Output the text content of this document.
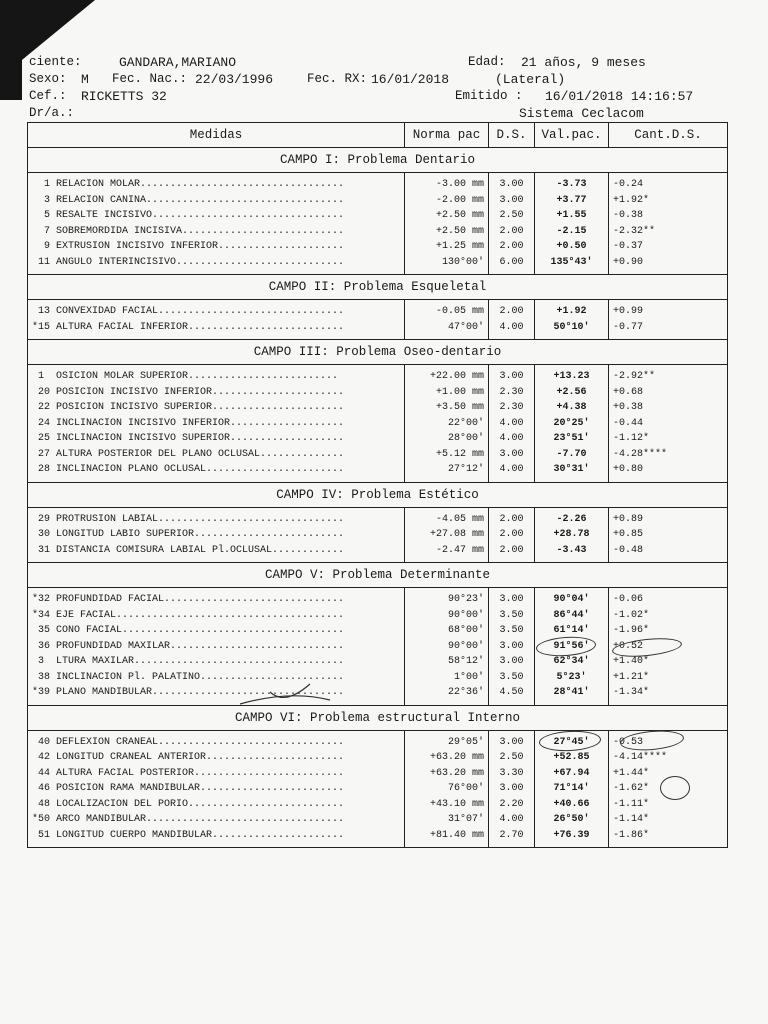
ciente:	GANDARA,MARIANO	Edad: 21 años, 9 meses
Sexo: M Fec. Nac.: 22/03/1996	Fec. RX: 16/01/2018	(Lateral)
Cef.: RICKETTS 32	Emitido : 16/01/2018 14:16:57
Dr/a.:	Sistema Ceclacom
Medidas	Norma pac	D.S.	Val.pac.	Cant.D.S.
CAMPO I: Problema Dentario				
1 RELACION MOLAR..................................	-3.00 mm	3.00	-3.73	-0.24
3 RELACION CANINA.................................	-2.00 mm	3.00	+3.77	+1.92*
5 RESALTE INCISIVO................................	+2.50 mm	2.50	+1.55	-0.38
7 SOBREMORDIDA INCISIVA...........................	+2.50 mm	2.00	-2.15	-2.32**
9 EXTRUSION INCISIVO INFERIOR.....................	+1.25 mm	2.00	+0.50	-0.37
11 ANGULO INTERINCISIVO............................	130°00'	6.00	135°43'	+0.90
CAMPO II: Problema Esqueletal				
13 CONVEXIDAD FACIAL...............................	-0.05 mm	2.00	+1.92	+0.99
*15 ALTURA FACIAL INFERIOR..........................	47°00'	4.00	50°10'	-0.77
CAMPO III: Problema Oseo-dentario				
1  OSICION MOLAR SUPERIOR.........................	+22.00 mm	3.00	+13.23	-2.92**
20 POSICION INCISIVO INFERIOR......................	+1.00 mm	2.30	+2.56	+0.68
22 POSICION INCISIVO SUPERIOR......................	+3.50 mm	2.30	+4.38	+0.38
24 INCLINACION INCISIVO INFERIOR...................	22°00'	4.00	20°25'	-0.44
25 INCLINACION INCISIVO SUPERIOR...................	28°00'	4.00	23°51'	-1.12*
27 ALTURA POSTERIOR DEL PLANO OCLUSAL..............	+5.12 mm	3.00	-7.70	-4.28****
28 INCLINACION PLANO OCLUSAL.......................	27°12'	4.00	30°31'	+0.80
CAMPO IV: Problema Estético				
29 PROTRUSION LABIAL...............................	-4.05 mm	2.00	-2.26	+0.89
30 LONGITUD LABIO SUPERIOR.........................	+27.08 mm	2.00	+28.78	+0.85
31 DISTANCIA COMISURA LABIAL Pl.OCLUSAL............	-2.47 mm	2.00	-3.43	-0.48
CAMPO V: Problema Determinante				
*32 PROFUNDIDAD FACIAL..............................	90°23'	3.00	90°04'	-0.06
*34 EJE FACIAL......................................	90°00'	3.50	86°44'	-1.02*
35 CONO FACIAL.....................................	68°00'	3.50	61°14'	-1.96*
36 PROFUNDIDAD MAXILAR.............................	90°00'	3.00	91°56'	+0.52
3  LTURA MAXILAR...................................	58°12'	3.00	62°34'	+1.40*
38 INCLINACION Pl. PALATINO........................	1°00'	3.50	5°23'	+1.21*
*39 PLANO MANDIBULAR................................	22°36'	4.50	28°41'	-1.34*
CAMPO VI: Problema estructural Interno				
40 DEFLEXION CRANEAL...............................	29°05'	3.00	27°45'	-0.53
42 LONGITUD CRANEAL ANTERIOR.......................	+63.20 mm	2.50	+52.85	-4.14****
44 ALTURA FACIAL POSTERIOR.........................	+63.20 mm	3.30	+67.94	+1.44*
46 POSICION RAMA MANDIBULAR........................	76°00'	3.00	71°14'	-1.62*
48 LOCALIZACION DEL PORIO..........................	+43.10 mm	2.20	+40.66	-1.11*
*50 ARCO MANDIBULAR.................................	31°07'	4.00	26°50'	-1.14*
51 LONGITUD CUERPO MANDIBULAR......................	+81.40 mm	2.70	+76.39	-1.86*
